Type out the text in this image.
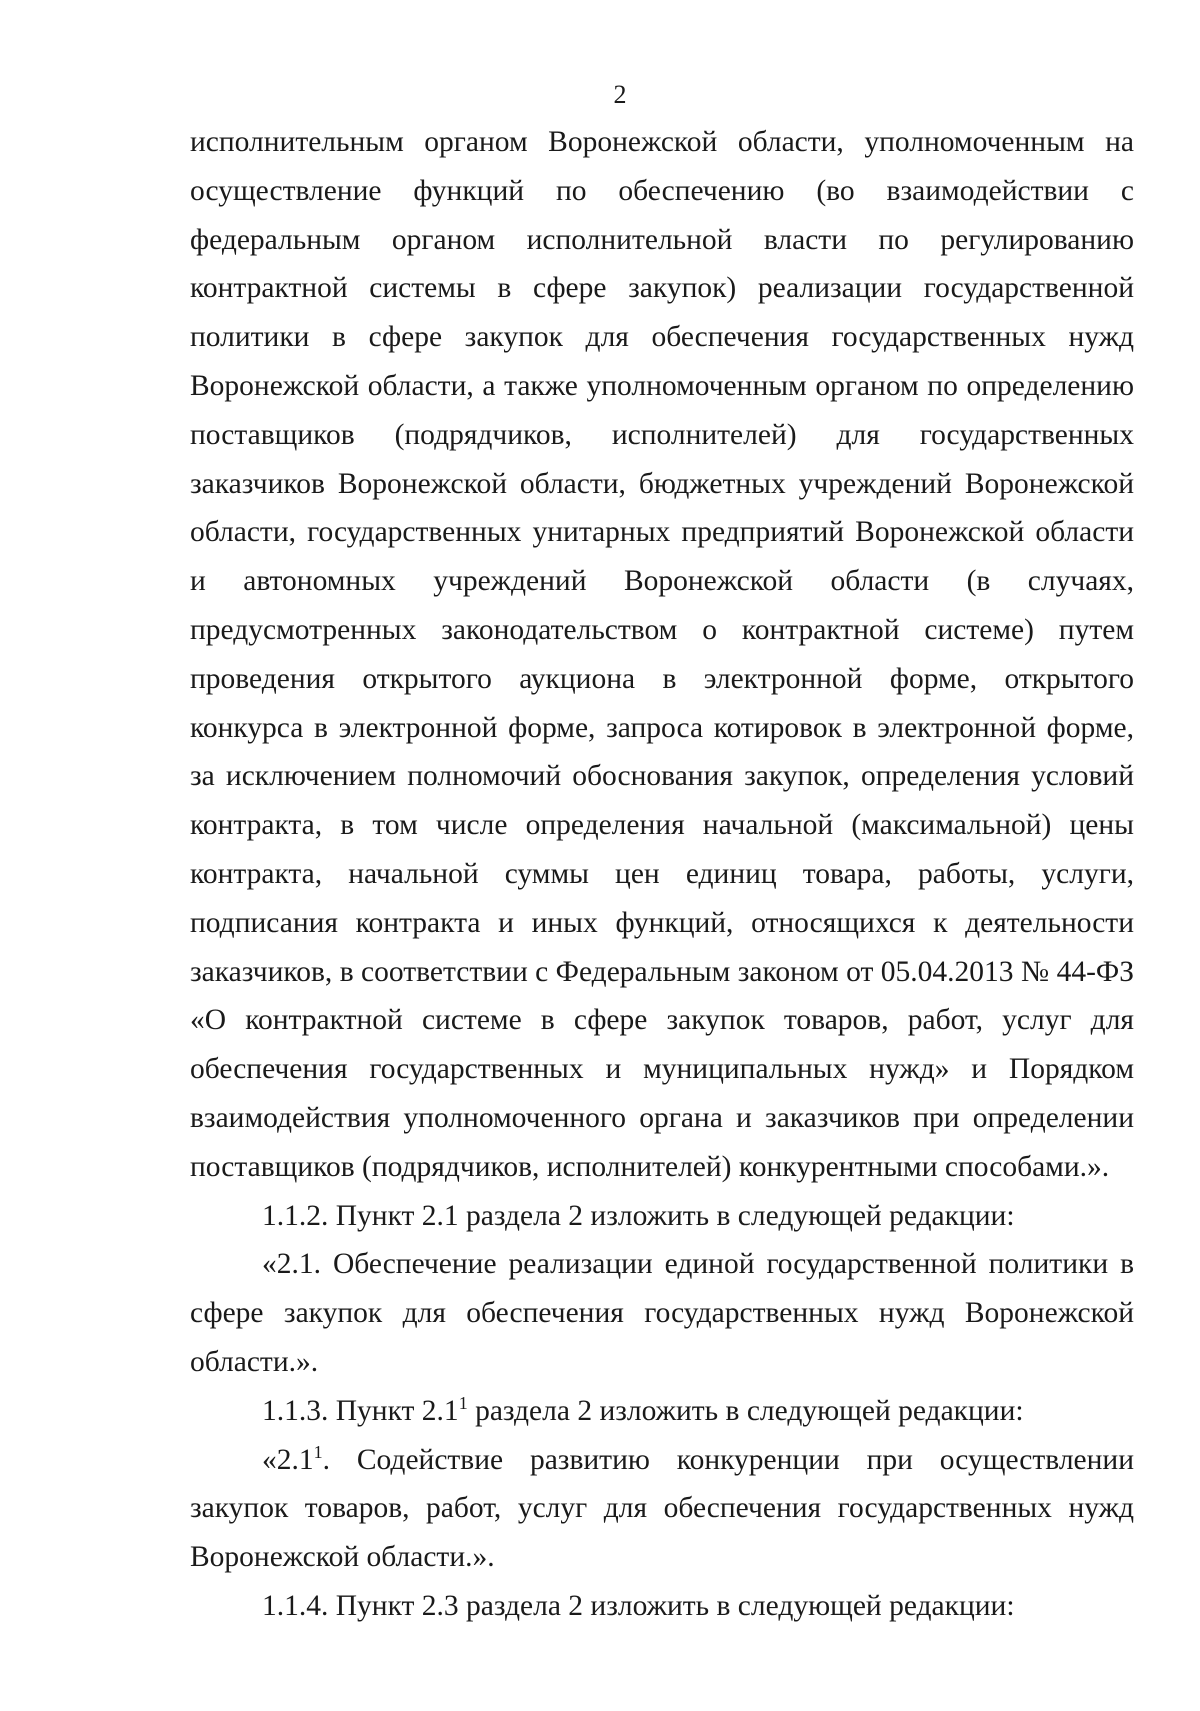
2

исполнительным органом Воронежской области, уполномоченным на осуществление функций по обеспечению (во взаимодействии с федеральным органом исполнительной власти по регулированию контрактной системы в сфере закупок) реализации государственной политики в сфере закупок для обеспечения государственных нужд Воронежской области, а также уполномоченным органом по определению поставщиков (подрядчиков, исполнителей) для государственных заказчиков Воронежской области, бюджетных учреждений Воронежской области, государственных унитарных предприятий Воронежской области и автономных учреждений Воронежской области (в случаях, предусмотренных законодательством о контрактной системе) путем проведения открытого аукциона в электронной форме, открытого конкурса в электронной форме, запроса котировок в электронной форме, за исключением полномочий обоснования закупок, определения условий контракта, в том числе определения начальной (максимальной) цены контракта, начальной суммы цен единиц товара, работы, услуги, подписания контракта и иных функций, относящихся к деятельности заказчиков, в соответствии с Федеральным законом от 05.04.2013 № 44-ФЗ «О контрактной системе в сфере закупок товаров, работ, услуг для обеспечения государственных и муниципальных нужд» и Порядком взаимодействия уполномоченного органа и заказчиков при определении поставщиков (подрядчиков, исполнителей) конкурентными способами.».

1.1.2. Пункт 2.1 раздела 2 изложить в следующей редакции:

«2.1. Обеспечение реализации единой государственной политики в сфере закупок для обеспечения государственных нужд Воронежской области.».

1.1.3. Пункт $2.1^1$ раздела 2 изложить в следующей редакции:

«$2.1^1$. Содействие развитию конкуренции при осуществлении закупок товаров, работ, услуг для обеспечения государственных нужд Воронежской области.».

1.1.4. Пункт 2.3 раздела 2 изложить в следующей редакции:
